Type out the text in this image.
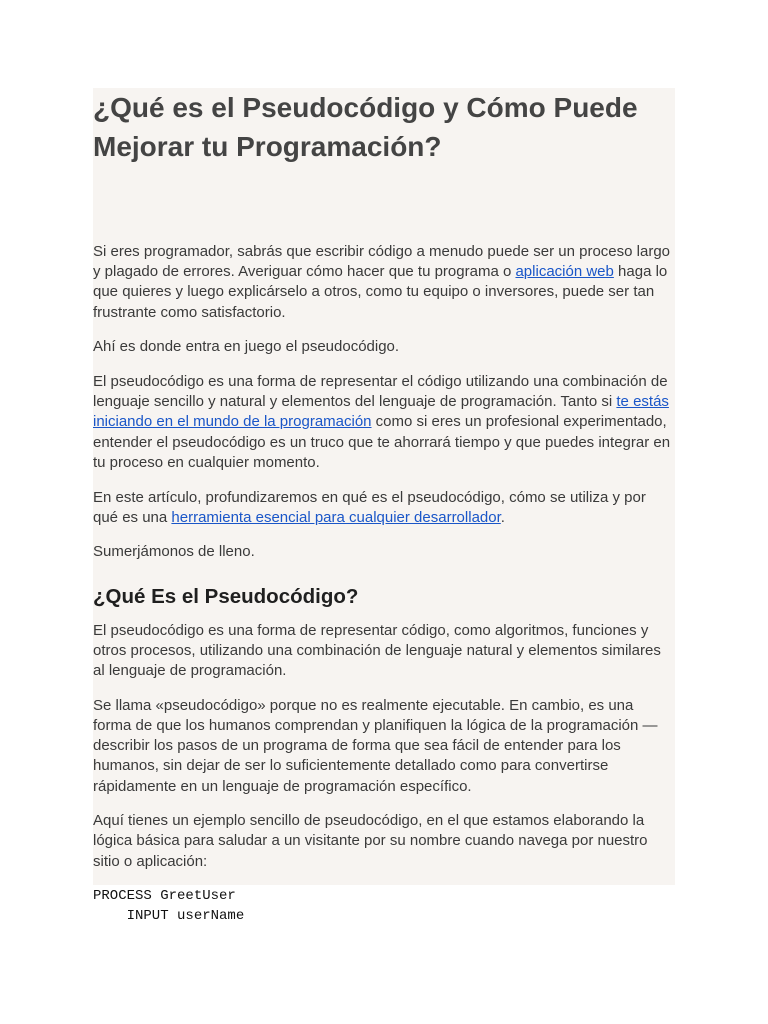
¿Qué es el Pseudocódigo y Cómo Puede Mejorar tu Programación?

Si eres programador, sabrás que escribir código a menudo puede ser un proceso largo y plagado de errores. Averiguar cómo hacer que tu programa o aplicación web haga lo que quieres y luego explicárselo a otros, como tu equipo o inversores, puede ser tan frustrante como satisfactorio.

Ahí es donde entra en juego el pseudocódigo.

El pseudocódigo es una forma de representar el código utilizando una combinación de lenguaje sencillo y natural y elementos del lenguaje de programación. Tanto si te estás iniciando en el mundo de la programación como si eres un profesional experimentado, entender el pseudocódigo es un truco que te ahorrará tiempo y que puedes integrar en tu proceso en cualquier momento.

En este artículo, profundizaremos en qué es el pseudocódigo, cómo se utiliza y por qué es una herramienta esencial para cualquier desarrollador.

Sumerjámonos de lleno.

¿Qué Es el Pseudocódigo?

El pseudocódigo es una forma de representar código, como algoritmos, funciones y otros procesos, utilizando una combinación de lenguaje natural y elementos similares al lenguaje de programación.

Se llama «pseudocódigo» porque no es realmente ejecutable. En cambio, es una forma de que los humanos comprendan y planifiquen la lógica de la programación — describir los pasos de un programa de forma que sea fácil de entender para los humanos, sin dejar de ser lo suficientemente detallado como para convertirse rápidamente en un lenguaje de programación específico.

Aquí tienes un ejemplo sencillo de pseudocódigo, en el que estamos elaborando la lógica básica para saludar a un visitante por su nombre cuando navega por nuestro sitio o aplicación:

PROCESS GreetUser
INPUT userName
